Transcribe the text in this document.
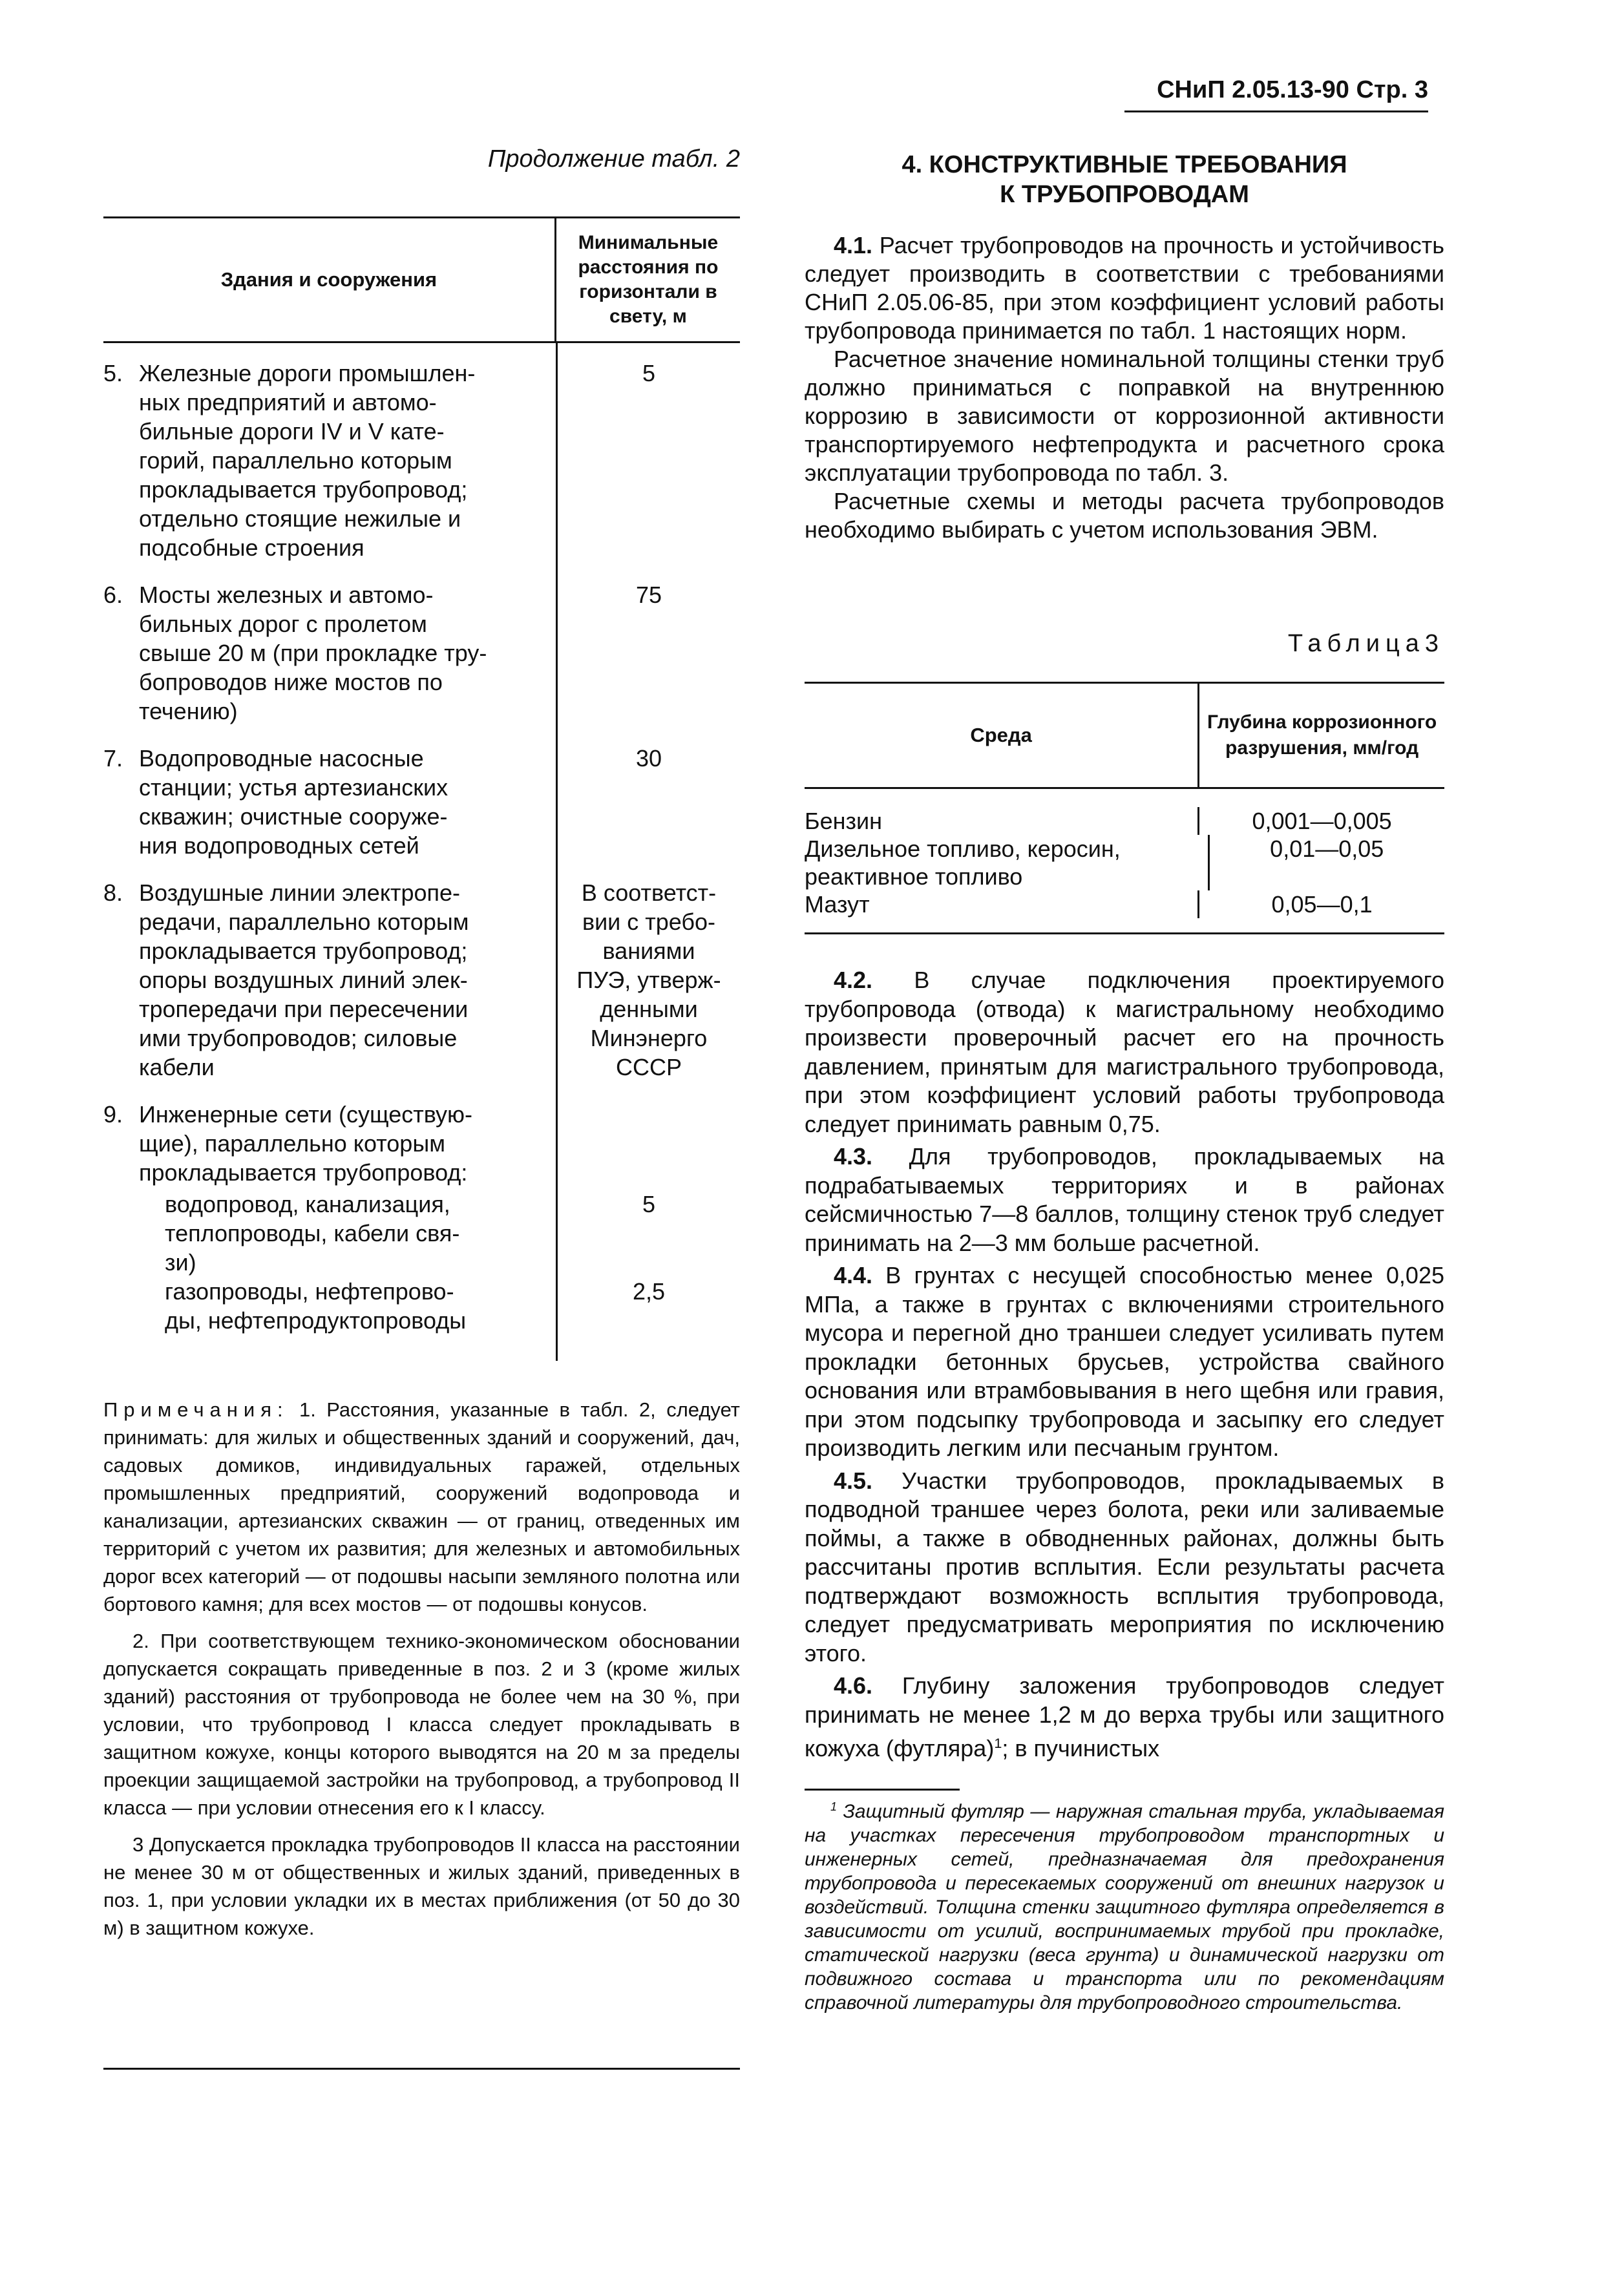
СНиП 2.05.13-90 Стр. 3
Продолжение табл. 2
Здания и сооружения
Минимальные расстояния по горизонтали в свету, м
5. Железные дороги промышлен-
ных предприятий и автомо-
бильные дороги IV и V кате-
горий, параллельно которым
прокладывается трубопровод;
отдельно стоящие нежилые и
подсобные строения
5
6. Мосты железных и автомо-
бильных дорог с пролетом
свыше 20 м (при прокладке тру-
бопроводов ниже мостов по
течению)
75
7. Водопроводные насосные
станции; устья артезианских
скважин; очистные сооруже-
ния водопроводных сетей
30
8. Воздушные линии электропе-
редачи, параллельно которым
прокладывается трубопровод;
опоры воздушных линий элек-
тропередачи при пересечении
ими трубопроводов; силовые
кабели
В соответст-
вии с требо-
ваниями
ПУЭ, утверж-
денными
Минэнерго
СССР
9. Инженерные сети (существую-
щие), параллельно которым
прокладывается трубопровод:
водопровод, канализация,
теплопроводы, кабели свя-
зи)
5
газопроводы, нефтепрово-
ды, нефтепродуктопроводы
2,5

Примечания: 1. Расстояния, указанные в табл. 2, следует принимать: для жилых и общественных зданий и сооружений, дач, садовых домиков, индивидуальных гаражей, отдельных промышленных предприятий, сооружений водопровода и канализации, артезианских скважин — от границ, отведенных им территорий с учетом их развития; для железных и автомобильных дорог всех категорий — от подошвы насыпи земляного полотна или бортового камня; для всех мостов — от подошвы конусов.

2. При соответствующем технико-экономическом обосновании допускается сокращать приведенные в поз. 2 и 3 (кроме жилых зданий) расстояния от трубопровода не более чем на 30 %, при условии, что трубопровод I класса следует прокладывать в защитном кожухе, концы которого выводятся на 20 м за пределы проекции защищаемой застройки на трубопровод, а трубопровод II класса — при условии отнесения его к I классу.

3 Допускается прокладка трубопроводов II класса на расстоянии не менее 30 м от общественных и жилых зданий, приведенных в поз. 1, при условии укладки их в местах приближения (от 50 до 30 м) в защитном кожухе.

4. КОНСТРУКТИВНЫЕ ТРЕБОВАНИЯ
К ТРУБОПРОВОДАМ

4.1. Расчет трубопроводов на прочность и устойчивость следует производить в соответствии с требованиями СНиП 2.05.06-85, при этом коэффициент условий работы трубопровода принимается по табл. 1 настоящих норм.

Расчетное значение номинальной толщины стенки труб должно приниматься с поправкой на внутреннюю коррозию в зависимости от коррозионной активности транспортируемого нефтепродукта и расчетного срока эксплуатации трубопровода по табл. 3.

Расчетные схемы и методы расчета трубопроводов необходимо выбирать с учетом использования ЭВМ.

Таблица3
Среда
Глубина коррозионного разрушения, мм/год
Бензин	0,001—0,005
Дизельное топливо, керосин, реактивное топливо
0,01—0,05
Мазут	0,05—0,1

4.2. В случае подключения проектируемого трубопровода (отвода) к магистральному необходимо произвести проверочный расчет его на прочность давлением, принятым для магистрального трубопровода, при этом коэффициент условий работы трубопровода следует принимать равным 0,75.

4.3. Для трубопроводов, прокладываемых на подрабатываемых территориях и в районах сейсмичностью 7—8 баллов, толщину стенок труб следует принимать на 2—3 мм больше расчетной.

4.4. В грунтах с несущей способностью менее 0,025 МПа, а также в грунтах с включениями строительного мусора и перегной дно траншеи следует усиливать путем прокладки бетонных брусьев, устройства свайного основания или втрамбовывания в него щебня или гравия, при этом подсыпку трубопровода и засыпку его следует производить легким или песчаным грунтом.

4.5. Участки трубопроводов, прокладываемых в подводной траншее через болота, реки или заливаемые поймы, а также в обводненных районах, должны быть рассчитаны против всплытия. Если результаты расчета подтверждают возможность всплытия трубопровода, следует предусматривать мероприятия по исключению этого.

4.6. Глубину заложения трубопроводов следует принимать не менее 1,2 м до верха трубы или защитного кожуха (футляра)$^1$; в пучинистых

$^1$ Защитный футляр — наружная стальная труба, укладываемая на участках пересечения трубопроводом транспортных и инженерных сетей, предназначаемая для предохранения трубопровода и пересекаемых сооружений от внешних нагрузок и воздействий. Толщина стенки защитного футляра определяется в зависимости от усилий, воспринимаемых трубой при прокладке, статической нагрузки (веса грунта) и динамической нагрузки от подвижного состава и транспорта или по рекомендациям справочной литературы для трубопроводного строительства.
